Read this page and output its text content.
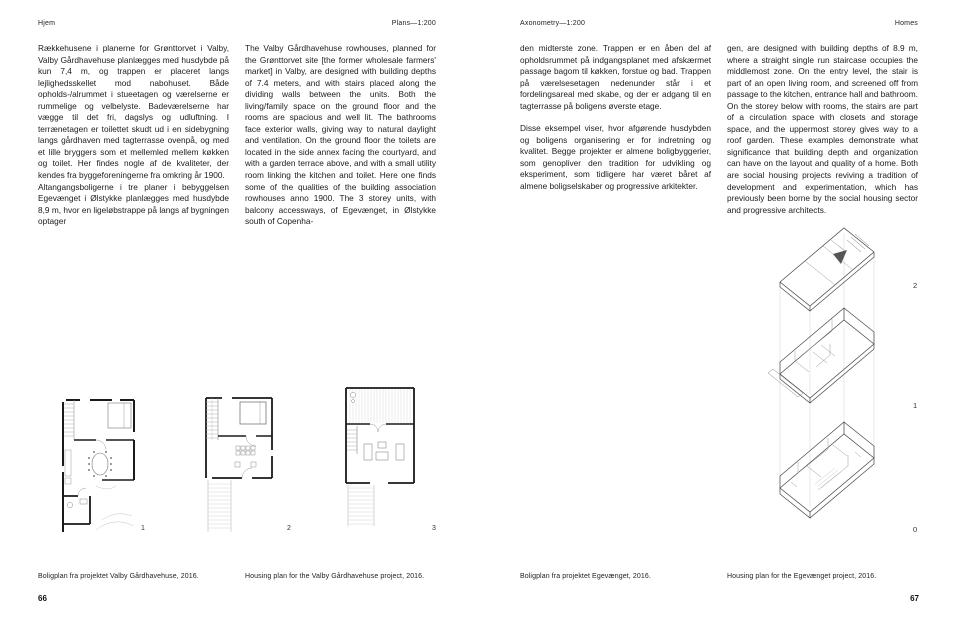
Hjem	Plans—1:200	Axonometry—1:200	Homes

Rækkehusene i planerne for Grønttorvet i Valby, Valby Gårdhavehuse planlægges med husdybde på kun 7,4 m, og trappen er placeret langs lejlighedsskellet mod nabohuset. Både opholds-/alrummet i stueetagen og værelserne er rummelige og velbelyste. Badeværelserne har vægge til det fri, dagslys og udluftning. I terrænetagen er toilettet skudt ud i en sidebygning langs gårdhaven med tagterrasse ovenpå, og med et lille bryggers som et mellemled mellem køkken og toilet. Her findes nogle af de kvaliteter, der kendes fra byggeforeningerne fra omkring år 1900.

Altangangsboligerne i tre planer i bebyggelsen Egevænget i Ølstykke planlægges med husdybde 8,9 m, hvor en ligeløbstrappe på langs af bygningen optager

The Valby Gårdhavehuse rowhouses, planned for the Grønttorvet site [the former wholesale farmers' market] in Valby, are designed with building depths of 7.4 meters, and with stairs placed along the dividing walls between the units. Both the living/family space on the ground floor and the rooms are spacious and well lit. The bathrooms face exterior walls, giving way to natural daylight and ventilation. On the ground floor the toilets are located in the side annex facing the courtyard, and with a garden terrace above, and with a small utility room linking the kitchen and toilet. Here one finds some of the qualities of the building association rowhouses anno 1900. The 3 storey units, with balcony accessways, of Egevænget, in Ølstykke south of Copenha-

den midterste zone. Trappen er en åben del af opholdsrummet på indgangsplanet med afskærmet passage bagom til køkken, forstue og bad. Trappen på værelsesetagen nedenunder står i et fordelingsareal med skabe, og der er adgang til en tagterrasse på boligens øverste etage.

Disse eksempel viser, hvor afgørende husdybden og boligens organisering er for indretning og kvalitet. Begge projekter er almene boligbyggerier, som genopliver den tradition for udvikling og eksperiment, som tidligere har været båret af almene boligselskaber og progressive arkitekter.

gen, are designed with building depths of 8.9 m, where a straight single run staircase occupies the middlemost zone. On the entry level, the stair is part of an open living room, and screened off from passage to the kitchen, entrance hall and bathroom. On the storey below with rooms, the stairs are part of a circulation space with closets and storage space, and the uppermost storey gives way to a roof garden. These examples demonstrate what significance that building depth and organization can have on the layout and quality of a home. Both are social housing projects reviving a tradition of development and experimentation, which has previously been borne by the social housing sector and progressive architects.

1	2	3
2
1
0
Boligplan fra projektet Valby Gårdhavehuse, 2016.	Housing plan for the Valby Gårdhavehuse project, 2016.	Boligplan fra projektet Egevænget, 2016.	Housing plan for the Egevænget project, 2016.
66	67
